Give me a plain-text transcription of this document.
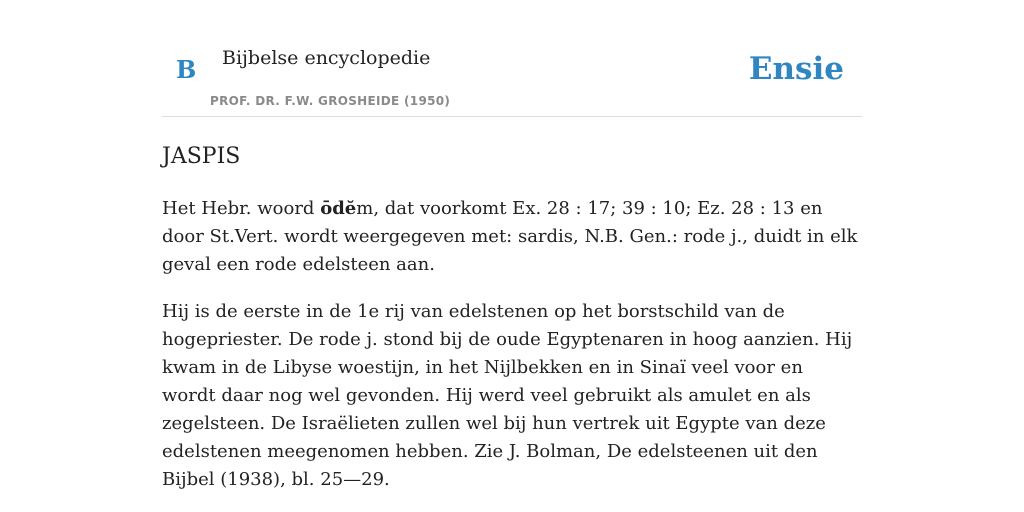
B Bijbelse encyclopedie
PROF. DR. F.W. GROSHEIDE (1950)
Ensie
JASPIS

Het Hebr. woord ōdĕm, dat voorkomt Ex. 28 : 17; 39 : 10; Ez. 28 : 13 en door St.Vert. wordt weergegeven met: sardis, N.B. Gen.: rode j., duidt in elk geval een rode edelsteen aan.

Hij is de eerste in de 1e rij van edelstenen op het borstschild van de hogepriester. De rode j. stond bij de oude Egyptenaren in hoog aanzien. Hij kwam in de Libyse woestijn, in het Nijlbekken en in Sinaï veel voor en wordt daar nog wel gevonden. Hij werd veel gebruikt als amulet en als zegelsteen. De Israëlieten zullen wel bij hun vertrek uit Egypte van deze edelstenen meegenomen hebben. Zie J. Bolman, De edelsteenen uit den Bijbel (1938), bl. 25—29.
